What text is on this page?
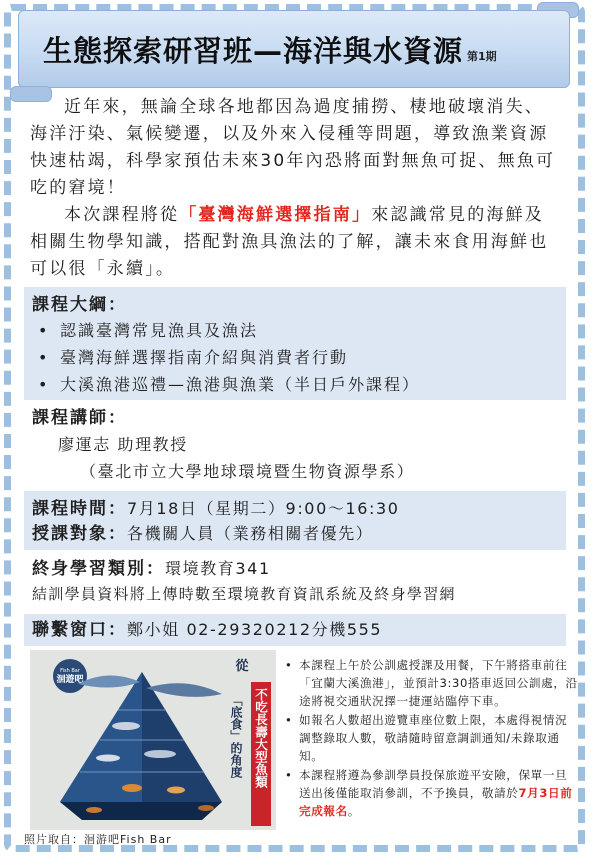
生態探索研習班—海洋與水資源 第1期

近年來，無論全球各地都因為過度捕撈、棲地破壞消失、海洋汙染、氣候變遷，以及外來入侵種等問題，導致漁業資源快速枯竭，科學家預估未來30年內恐將面對無魚可捉、無魚可吃的窘境！

本次課程將從「臺灣海鮮選擇指南」來認識常見的海鮮及相關生物學知識，搭配對漁具漁法的了解，讓未來食用海鮮也可以很「永續」。

課程大綱：
• 認識臺灣常見漁具及漁法
• 臺灣海鮮選擇指南介紹與消費者行動
• 大溪漁港巡禮—漁港與漁業（半日戶外課程）
課程講師：
廖運志 助理教授
（臺北市立大學地球環境暨生物資源學系）
課程時間：7月18日（星期二）9:00～16:30
授課對象：各機關人員（業務相關者優先）
終身學習類別：環境教育341
結訓學員資料將上傳時數至環境教育資訊系統及終身學習網
聯繫窗口：鄭小姐 02-29320212分機555
Fish Bar
洄遊吧
從
「底食」的角度 不吃長壽大型魚類
照片取自：洄游吧Fish Bar
• 本課程上午於公訓處授課及用餐，下午將搭車前往「宜蘭大溪漁港」，並預計3:30搭車返回公訓處，沿途將視交通狀況擇一捷運站臨停下車。
• 如報名人數超出遊覽車座位數上限，本處得視情況調整錄取人數，敬請隨時留意調訓通知/未錄取通知。
• 本課程將遵為參訓學員投保旅遊平安險，保單一旦送出後僅能取消參訓，不予換員，敬請於7月3日前完成報名。
